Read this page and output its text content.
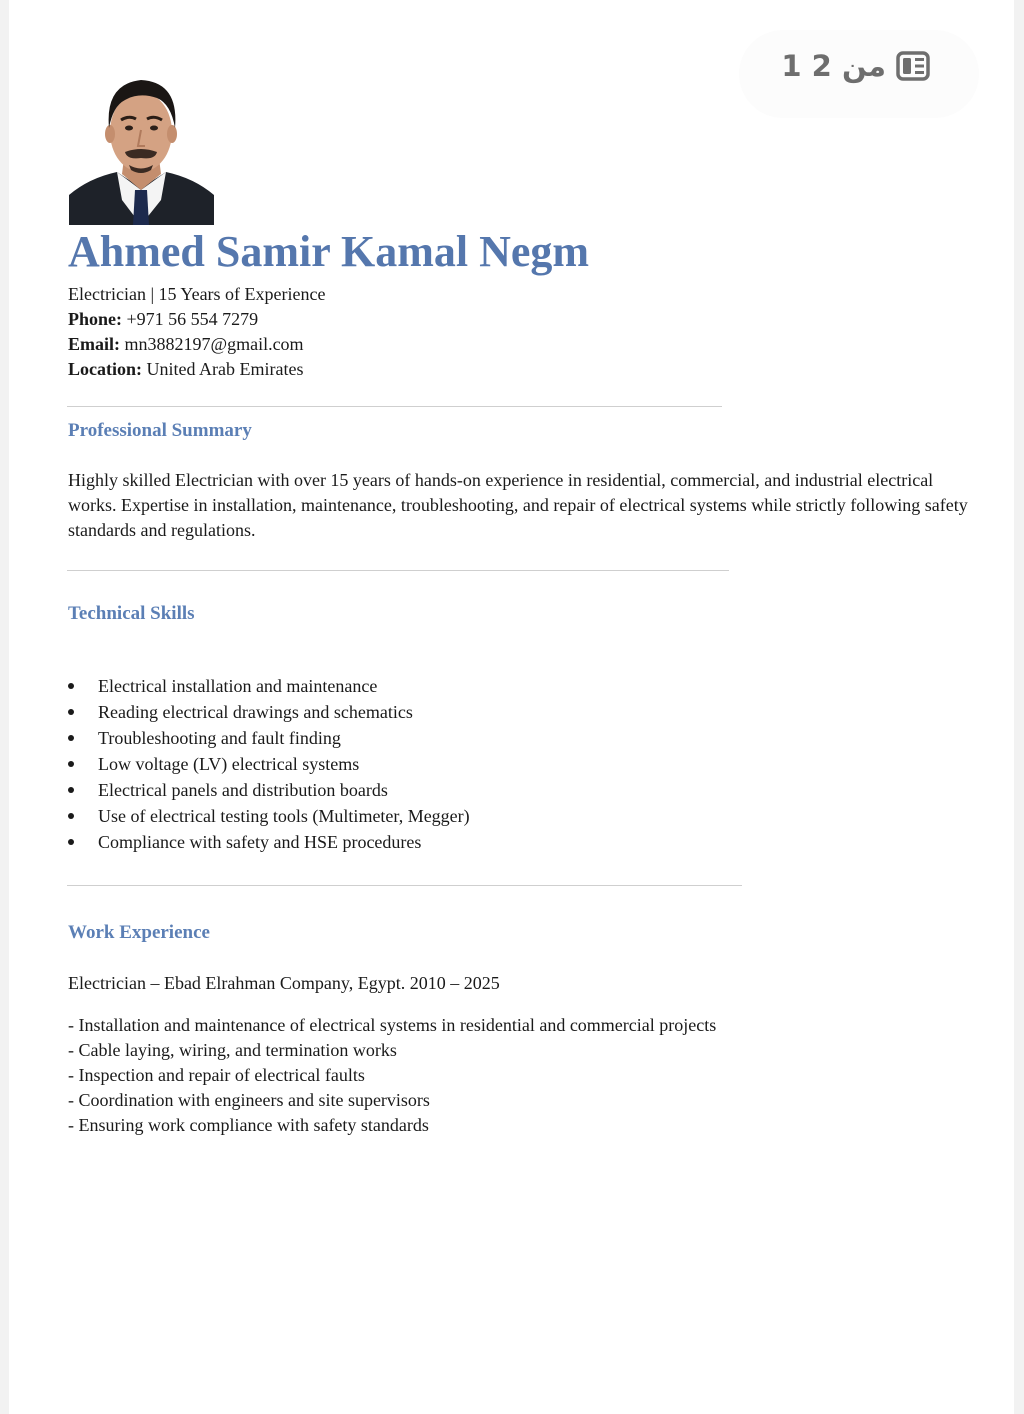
1 من 2
Ahmed Samir Kamal Negm
Electrician | 15 Years of Experience
Phone: +971 56 554 7279
Email: mn3882197@gmail.com
Location: United Arab Emirates
Professional Summary

Highly skilled Electrician with over 15 years of hands-on experience in residential, commercial, and industrial electrical works. Expertise in installation, maintenance, troubleshooting, and repair of electrical systems while strictly following safety standards and regulations.

Technical Skills
Electrical installation and maintenance
Reading electrical drawings and schematics
Troubleshooting and fault finding
Low voltage (LV) electrical systems
Electrical panels and distribution boards
Use of electrical testing tools (Multimeter, Megger)
Compliance with safety and HSE procedures
Work Experience
Electrician – Ebad Elrahman Company, Egypt. 2010 – 2025
- Installation and maintenance of electrical systems in residential and commercial projects
- Cable laying, wiring, and termination works
- Inspection and repair of electrical faults
- Coordination with engineers and site supervisors
- Ensuring work compliance with safety standards
